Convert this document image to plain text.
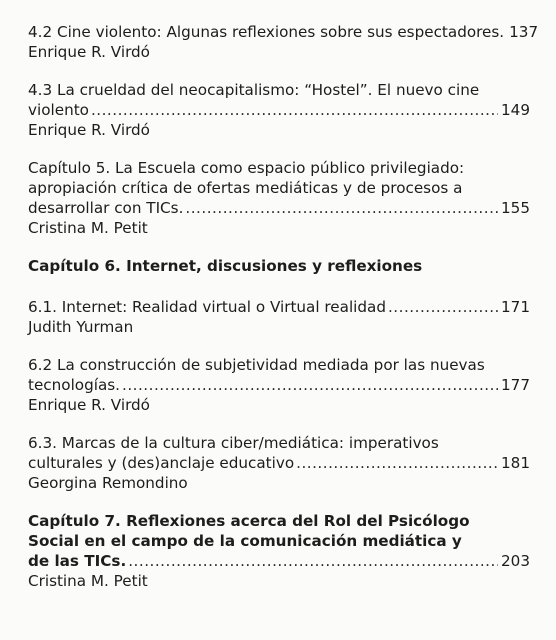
4.2 Cine violento: Algunas reflexiones sobre sus espectadores. 137
Enrique R. Virdó
4.3 La crueldad del neocapitalismo: “Hostel”. El nuevo cine
violento .....	149
Enrique R. Virdó
Capítulo 5. La Escuela como espacio público privilegiado:
apropiación crítica de ofertas mediáticas y de procesos a
desarrollar con TICs. .....	155
Cristina M. Petit
Capítulo 6. Internet, discusiones y reflexiones
6.1. Internet: Realidad virtual o Virtual realidad .....	171
Judith Yurman
6.2 La construcción de subjetividad mediada por las nuevas
tecnologías. .....	177
Enrique R. Virdó
6.3. Marcas de la cultura ciber/mediática: imperativos
culturales y (des)anclaje educativo .....	181
Georgina Remondino
Capítulo 7. Reflexiones acerca del Rol del Psicólogo
Social en el campo de la comunicación mediática y
de las TICs. .....	203
Cristina M. Petit
